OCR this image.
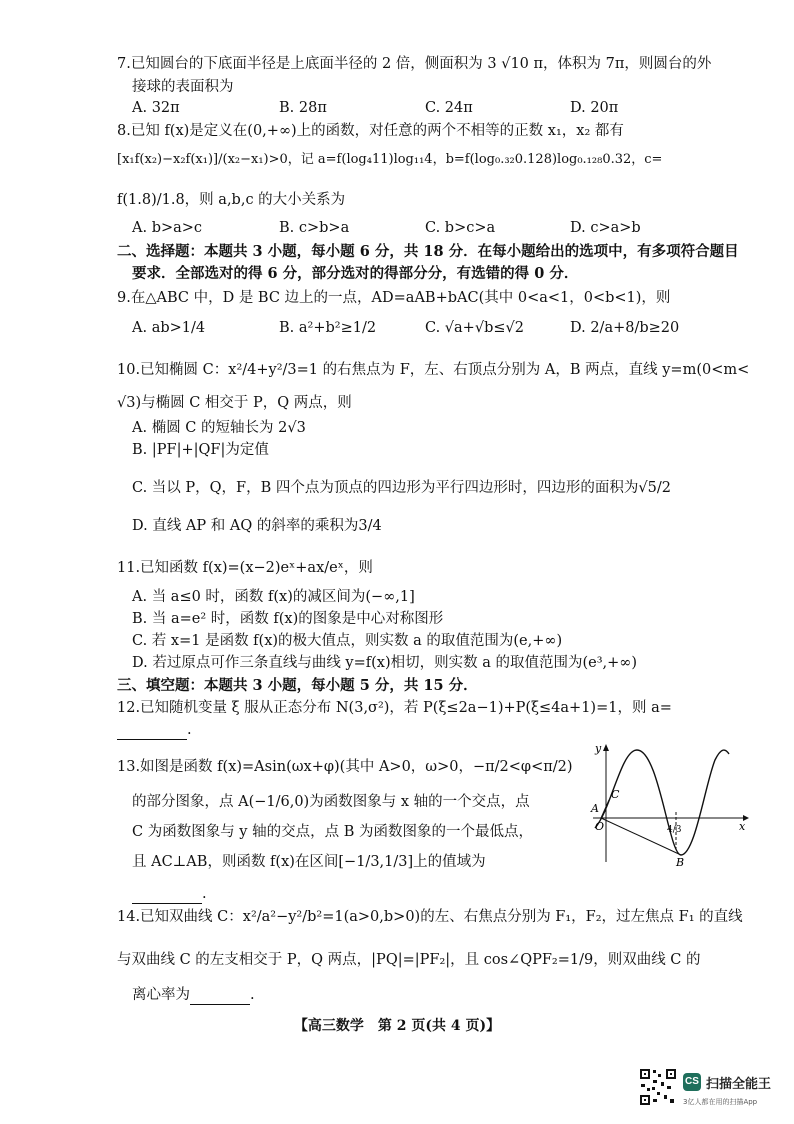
7.已知圆台的下底面半径是上底面半径的 2 倍，侧面积为 3 √10 π，体积为 7π，则圆台的外
接球的表面积为
A. 32π	B. 28π	C. 24π	D. 20π
8.已知 f(x)是定义在(0,+∞)上的函数，对任意的两个不相等的正数 x₁，x₂ 都有
[x₁f(x₂)−x₂f(x₁)]/(x₂−x₁)>0，记 a=f(log₄11)log₁₁4，b=f(log₀.₃₂0.128)log₀.₁₂₈0.32，c=
f(1.8)/1.8，则 a,b,c 的大小关系为
A. b>a>c	B. c>b>a	C. b>c>a	D. c>a>b
二、选择题：本题共 3 小题，每小题 6 分，共 18 分．在每小题给出的选项中，有多项符合题目
要求．全部选对的得 6 分，部分选对的得部分分，有选错的得 0 分．
9.在△ABC 中，D 是 BC 边上的一点，AD=aAB+bAC(其中 0<a<1，0<b<1)，则
A. ab>1/4	B. a²+b²≥1/2	C. √a+√b≤√2	D. 2/a+8/b≥20
10.已知椭圆 C：x²/4+y²/3=1 的右焦点为 F，左、右顶点分别为 A，B 两点，直线 y=m(0<m<
√3)与椭圆 C 相交于 P，Q 两点，则
A. 椭圆 C 的短轴长为 2√3
B. |PF|+|QF|为定值
C. 当以 P，Q，F，B 四个点为顶点的四边形为平行四边形时，四边形的面积为√5/2
D. 直线 AP 和 AQ 的斜率的乘积为3/4
11.已知函数 f(x)=(x−2)eˣ+ax/eˣ，则
A. 当 a≤0 时，函数 f(x)的减区间为(−∞,1]
B. 当 a=e² 时，函数 f(x)的图象是中心对称图形
C. 若 x=1 是函数 f(x)的极大值点，则实数 a 的取值范围为(e,+∞)
D. 若过原点可作三条直线与曲线 y=f(x)相切，则实数 a 的取值范围为(e³,+∞)
三、填空题：本题共 3 小题，每小题 5 分，共 15 分．
12.已知随机变量 ξ 服从正态分布 N(3,σ²)，若 P(ξ≤2a−1)+P(ξ≤4a+1)=1，则 a=
.
13.如图是函数 f(x)=Asin(ωx+φ)(其中 A>0，ω>0，−π/2<φ<π/2)
的部分图象，点 A(−1/6,0)为函数图象与 x 轴的一个交点，点
C 为函数图象与 y 轴的交点，点 B 为函数图象的一个最低点，
且 AC⊥AB，则函数 f(x)在区间[−1/3,1/3]上的值域为
.
y
x
A
O
C
B
4/3
14.已知双曲线 C：x²/a²−y²/b²=1(a>0,b>0)的左、右焦点分别为 F₁，F₂，过左焦点 F₁ 的直线
与双曲线 C 的左支相交于 P，Q 两点，|PQ|=|PF₂|，且 cos∠QPF₂=1/9，则双曲线 C 的
离心率为	.
【高三数学　第 2 页(共 4 页)】
CS 扫描全能王
3亿人都在用的扫描App
